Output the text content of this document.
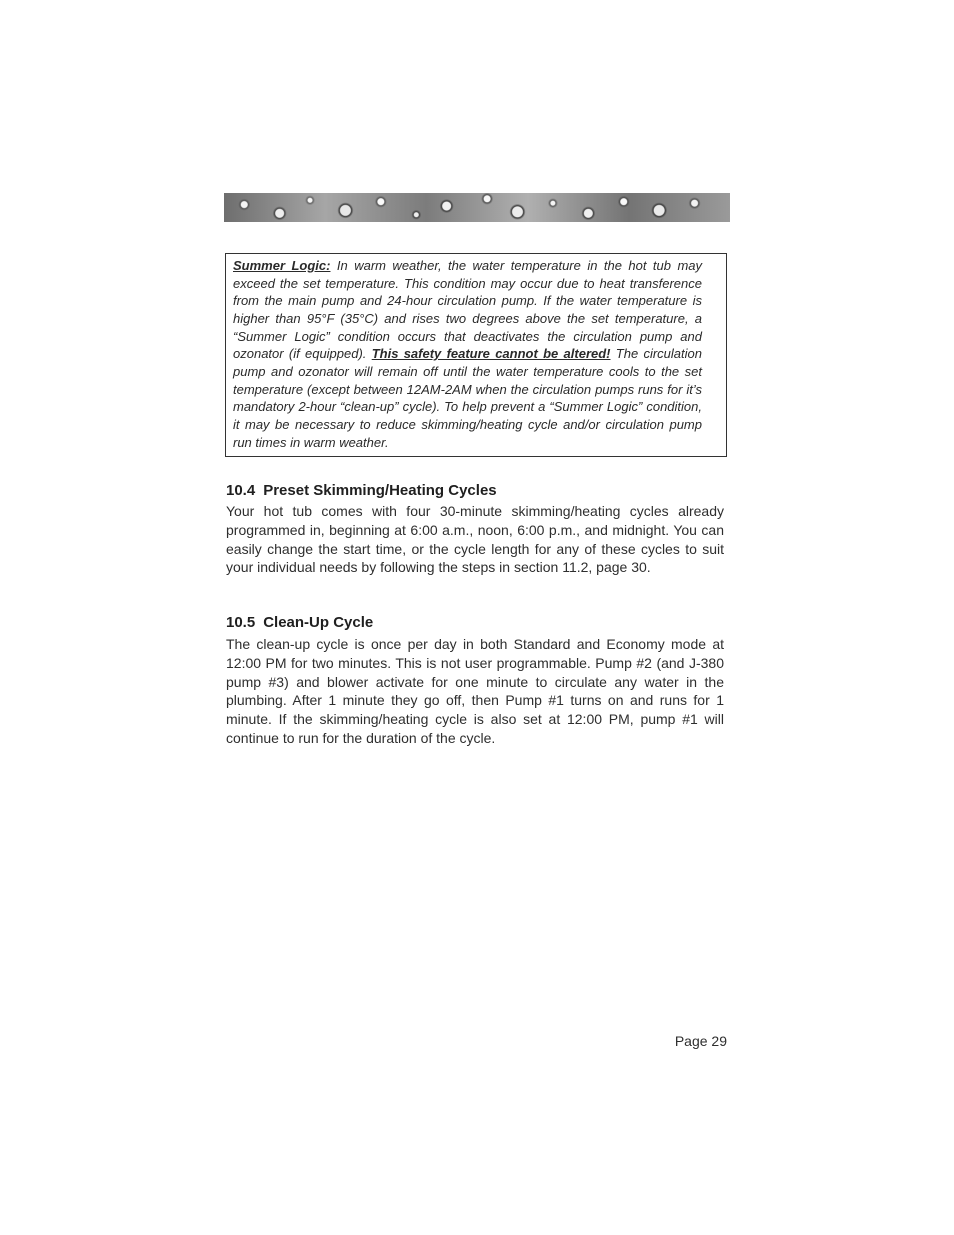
Summer Logic: In warm weather, the water temperature in the hot tub may exceed the set temperature. This condition may occur due to heat transference from the main pump and 24-hour circulation pump. If the water temperature is higher than 95°F (35°C) and rises two degrees above the set temperature, a “Summer Logic” condition occurs that deactivates the circulation pump and ozonator (if equipped). This safety feature cannot be altered! The circulation pump and ozonator will remain off until the water temperature cools to the set temperature (except between 12AM-2AM when the circulation pumps runs for it’s mandatory 2-hour “clean-up” cycle). To help prevent a “Summer Logic” condition, it may be necessary to reduce skimming/heating cycle and/or circulation pump run times in warm weather.
10.4 Preset Skimming/Heating Cycles

Your hot tub comes with four 30-minute skimming/heating cycles already programmed in, beginning at 6:00 a.m., noon, 6:00 p.m., and midnight. You can easily change the start time, or the cycle length for any of these cycles to suit your individual needs by following the steps in section 11.2, page 30.

10.5 Clean-Up Cycle

The clean-up cycle is once per day in both Standard and Economy mode at 12:00 PM for two minutes. This is not user programmable. Pump #2 (and J-380 pump #3) and blower activate for one minute to circulate any water in the plumbing. After 1 minute they go off, then Pump #1 turns on and runs for 1 minute. If the skimming/heating cycle is also set at 12:00 PM, pump #1 will continue to run for the duration of the cycle.

Page 29
